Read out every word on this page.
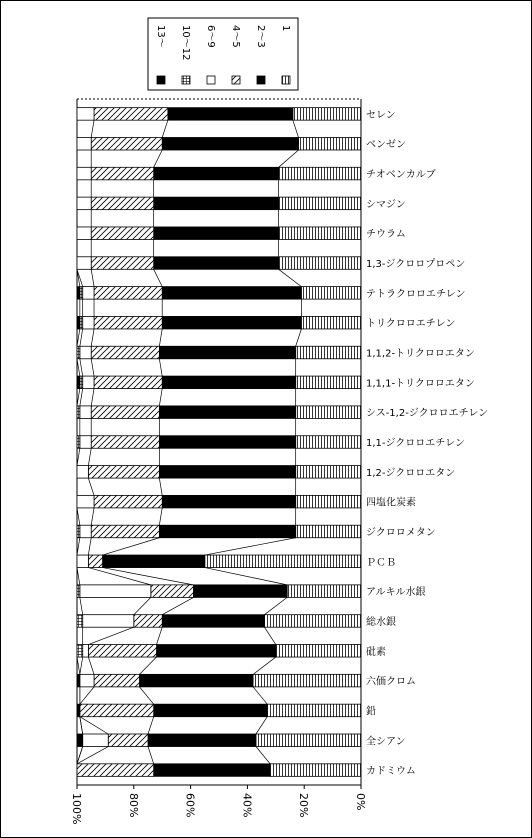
13～ 10～12 6～9 4～5 2～3 1
セレン
ベンゼン
チオベンカルブ
シマジン
チウラム
1,3-ジクロロプロペン
テトラクロロエチレン
トリクロロエチレン
1,1,2-トリクロロエタン
1,1,1-トリクロロエタン
シス-1,2-ジクロロエチレン
1,1-ジクロロエチレン
1,2-ジクロロエタン
四塩化炭素
ジクロロメタン
ＰＣＢ
アルキル水銀
総水銀
砒素
六価クロム
鉛
全シアン
カドミウム
100%	80%	60%	40%	20%	0%
